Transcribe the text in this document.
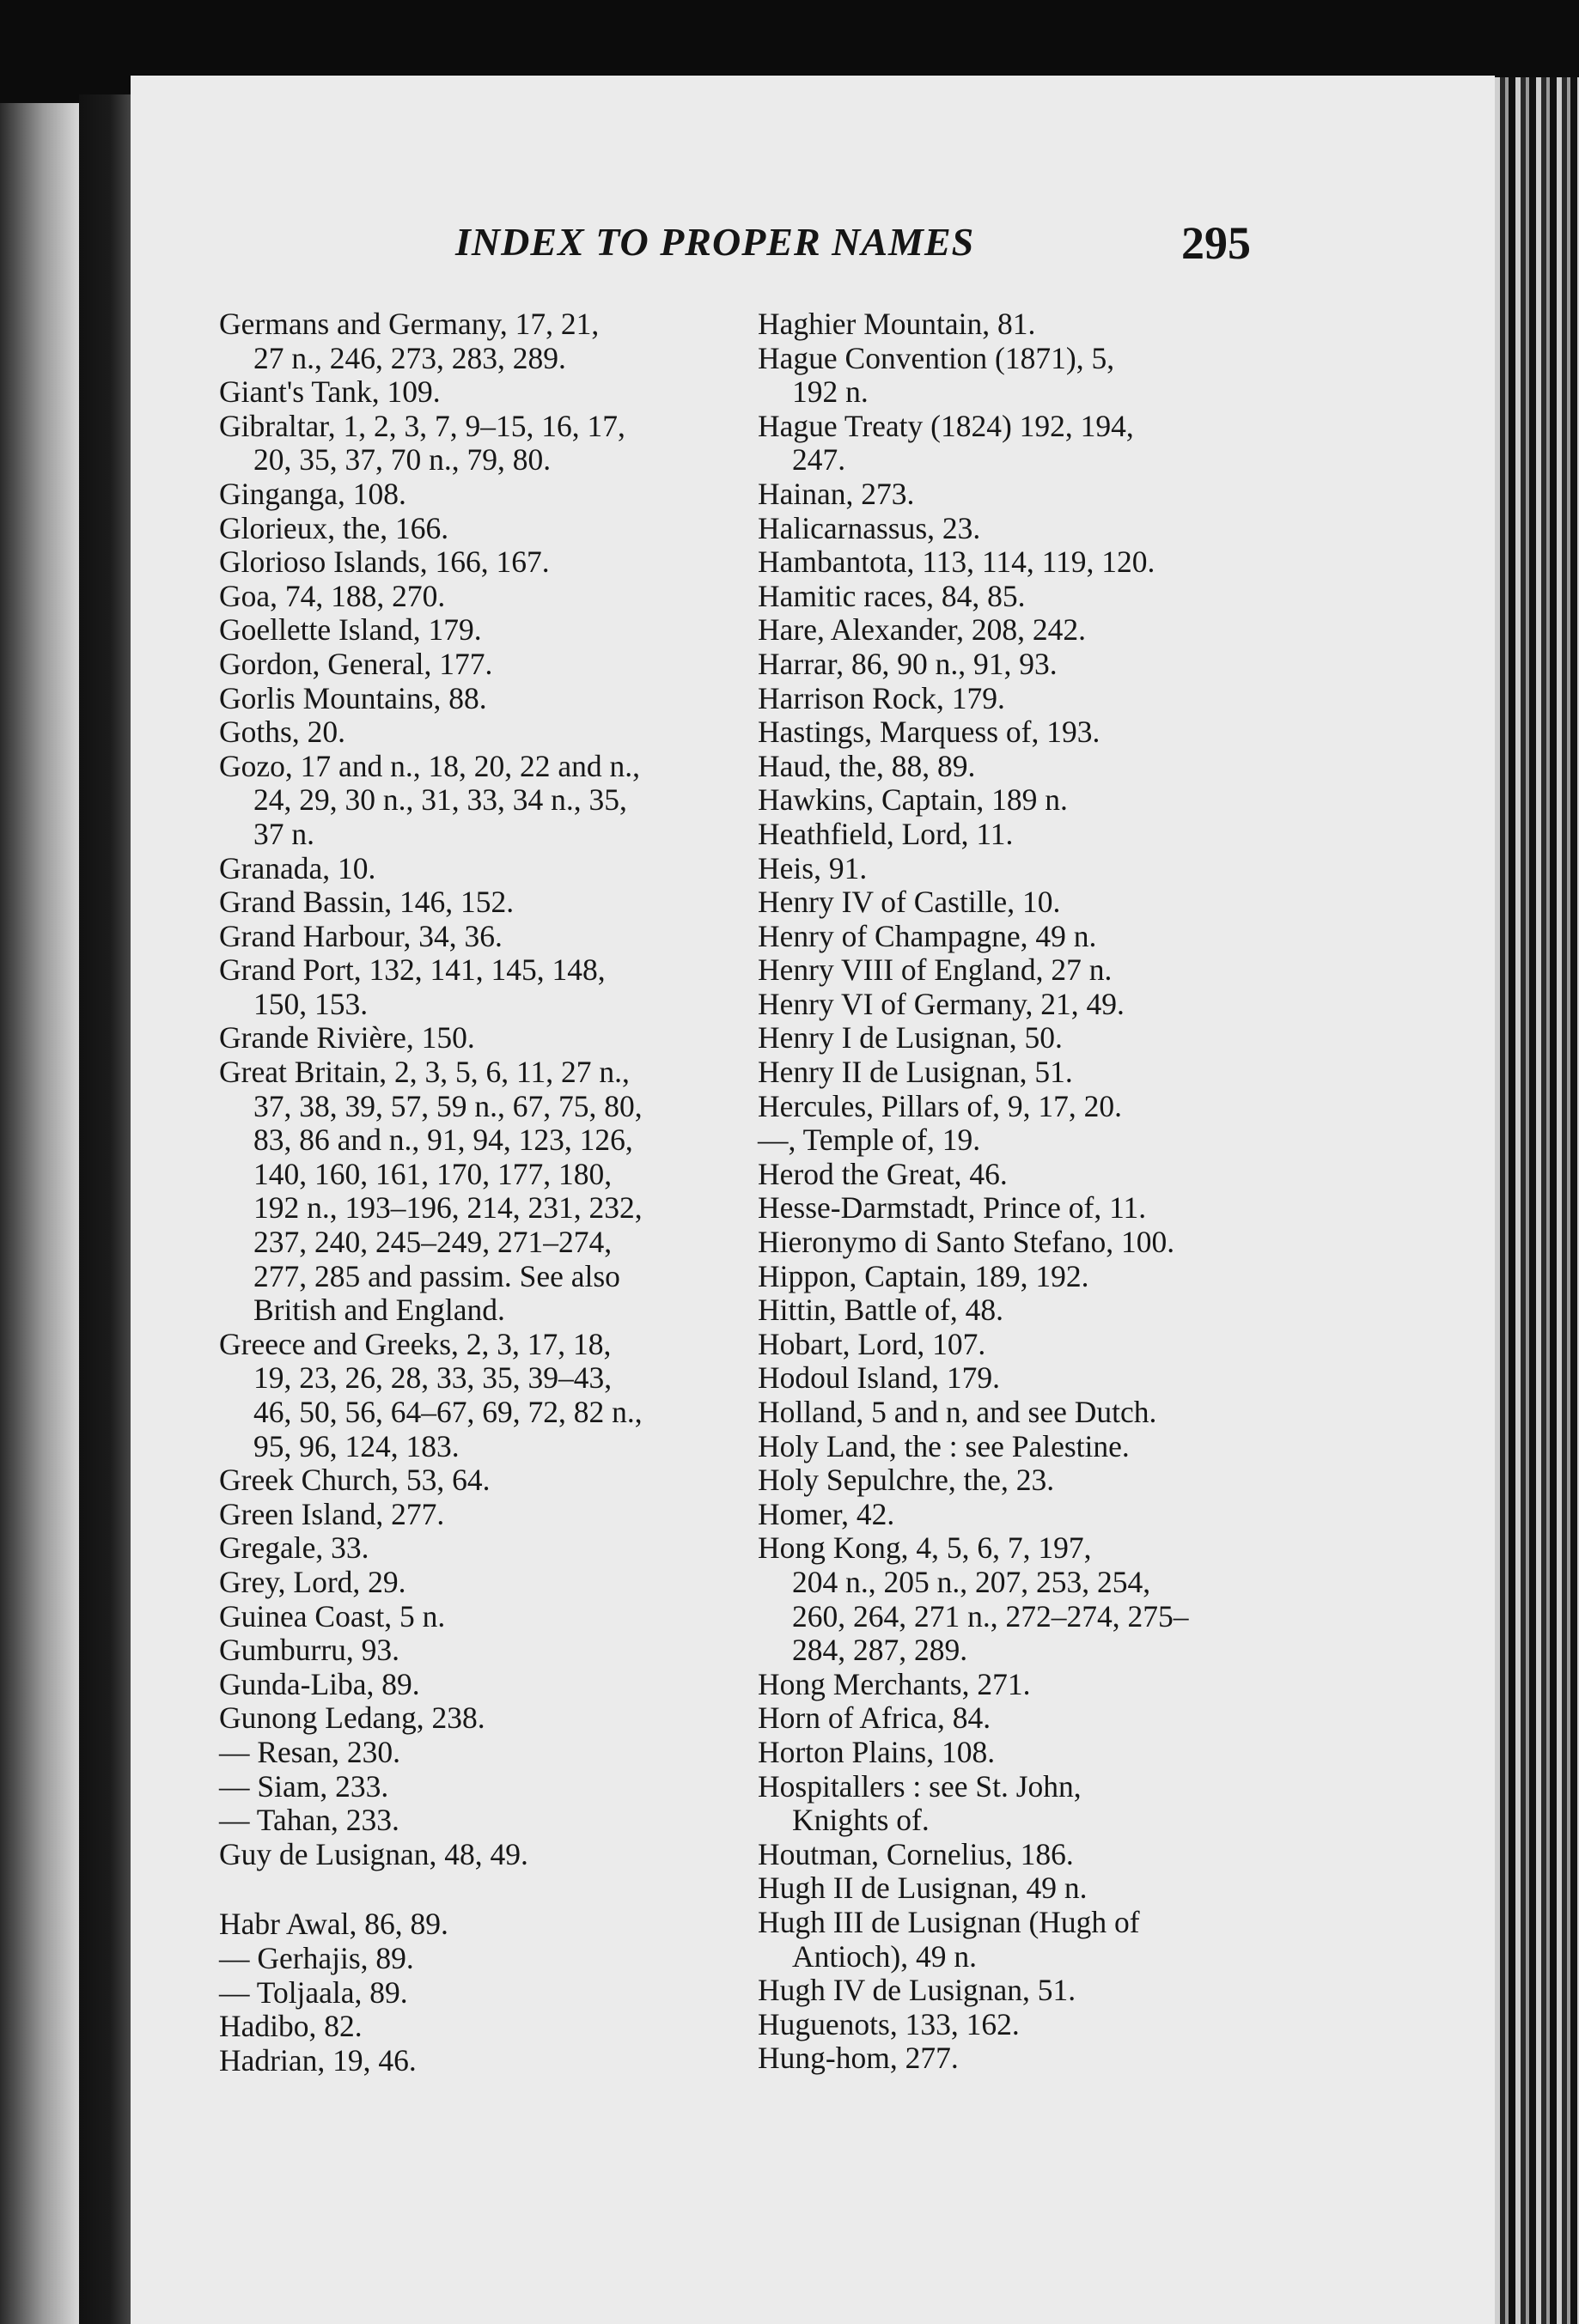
INDEX TO PROPER NAMES	295
Germans and Germany, 17, 21,
27 n., 246, 273, 283, 289.
Giant's Tank, 109.
Gibraltar, 1, 2, 3, 7, 9–15, 16, 17,
20, 35, 37, 70 n., 79, 80.
Ginganga, 108.
Glorieux, the, 166.
Glorioso Islands, 166, 167.
Goa, 74, 188, 270.
Goellette Island, 179.
Gordon, General, 177.
Gorlis Mountains, 88.
Goths, 20.
Gozo, 17 and n., 18, 20, 22 and n.,
24, 29, 30 n., 31, 33, 34 n., 35,
37 n.
Granada, 10.
Grand Bassin, 146, 152.
Grand Harbour, 34, 36.
Grand Port, 132, 141, 145, 148,
150, 153.
Grande Rivière, 150.
Great Britain, 2, 3, 5, 6, 11, 27 n.,
37, 38, 39, 57, 59 n., 67, 75, 80,
83, 86 and n., 91, 94, 123, 126,
140, 160, 161, 170, 177, 180,
192 n., 193–196, 214, 231, 232,
237, 240, 245–249, 271–274,
277, 285 and passim. See also
British and England.
Greece and Greeks, 2, 3, 17, 18,
19, 23, 26, 28, 33, 35, 39–43,
46, 50, 56, 64–67, 69, 72, 82 n.,
95, 96, 124, 183.
Greek Church, 53, 64.
Green Island, 277.
Gregale, 33.
Grey, Lord, 29.
Guinea Coast, 5 n.
Gumburru, 93.
Gunda-Liba, 89.
Gunong Ledang, 238.
— Resan, 230.
— Siam, 233.
— Tahan, 233.
Guy de Lusignan, 48, 49.
Habr Awal, 86, 89.
— Gerhajis, 89.
— Toljaala, 89.
Hadibo, 82.
Hadrian, 19, 46.
Haghier Mountain, 81.
Hague Convention (1871), 5,
192 n.
Hague Treaty (1824) 192, 194,
247.
Hainan, 273.
Halicarnassus, 23.
Hambantota, 113, 114, 119, 120.
Hamitic races, 84, 85.
Hare, Alexander, 208, 242.
Harrar, 86, 90 n., 91, 93.
Harrison Rock, 179.
Hastings, Marquess of, 193.
Haud, the, 88, 89.
Hawkins, Captain, 189 n.
Heathfield, Lord, 11.
Heis, 91.
Henry IV of Castille, 10.
Henry of Champagne, 49 n.
Henry VIII of England, 27 n.
Henry VI of Germany, 21, 49.
Henry I de Lusignan, 50.
Henry II de Lusignan, 51.
Hercules, Pillars of, 9, 17, 20.
—, Temple of, 19.
Herod the Great, 46.
Hesse-Darmstadt, Prince of, 11.
Hieronymo di Santo Stefano, 100.
Hippon, Captain, 189, 192.
Hittin, Battle of, 48.
Hobart, Lord, 107.
Hodoul Island, 179.
Holland, 5 and n, and see Dutch.
Holy Land, the : see Palestine.
Holy Sepulchre, the, 23.
Homer, 42.
Hong Kong, 4, 5, 6, 7, 197,
204 n., 205 n., 207, 253, 254,
260, 264, 271 n., 272–274, 275–
284, 287, 289.
Hong Merchants, 271.
Horn of Africa, 84.
Horton Plains, 108.
Hospitallers : see St. John,
Knights of.
Houtman, Cornelius, 186.
Hugh II de Lusignan, 49 n.
Hugh III de Lusignan (Hugh of
Antioch), 49 n.
Hugh IV de Lusignan, 51.
Huguenots, 133, 162.
Hung-hom, 277.
